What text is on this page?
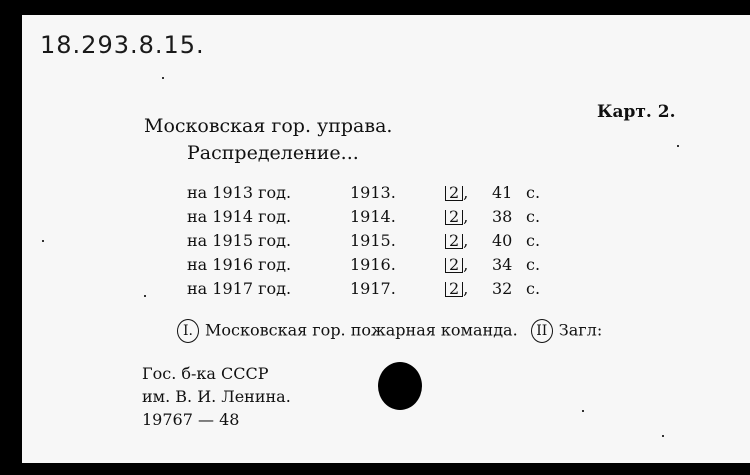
18.293.8.15.
Карт. 2.
Московская гор. управа.
Распределение...
на 1913 год.	1913.	2 , 41 с.
на 1914 год.	1914.	2 , 38 с.
на 1915 год.	1915.	2 , 40 с.
на 1916 год.	1916.	2 , 34 с.
на 1917 год.	1917.	2 , 32 с.
I. Московская гор. пожарная команда. II Загл:
Гос. б-ка СССР
им. В. И. Ленина.
19767 — 48
